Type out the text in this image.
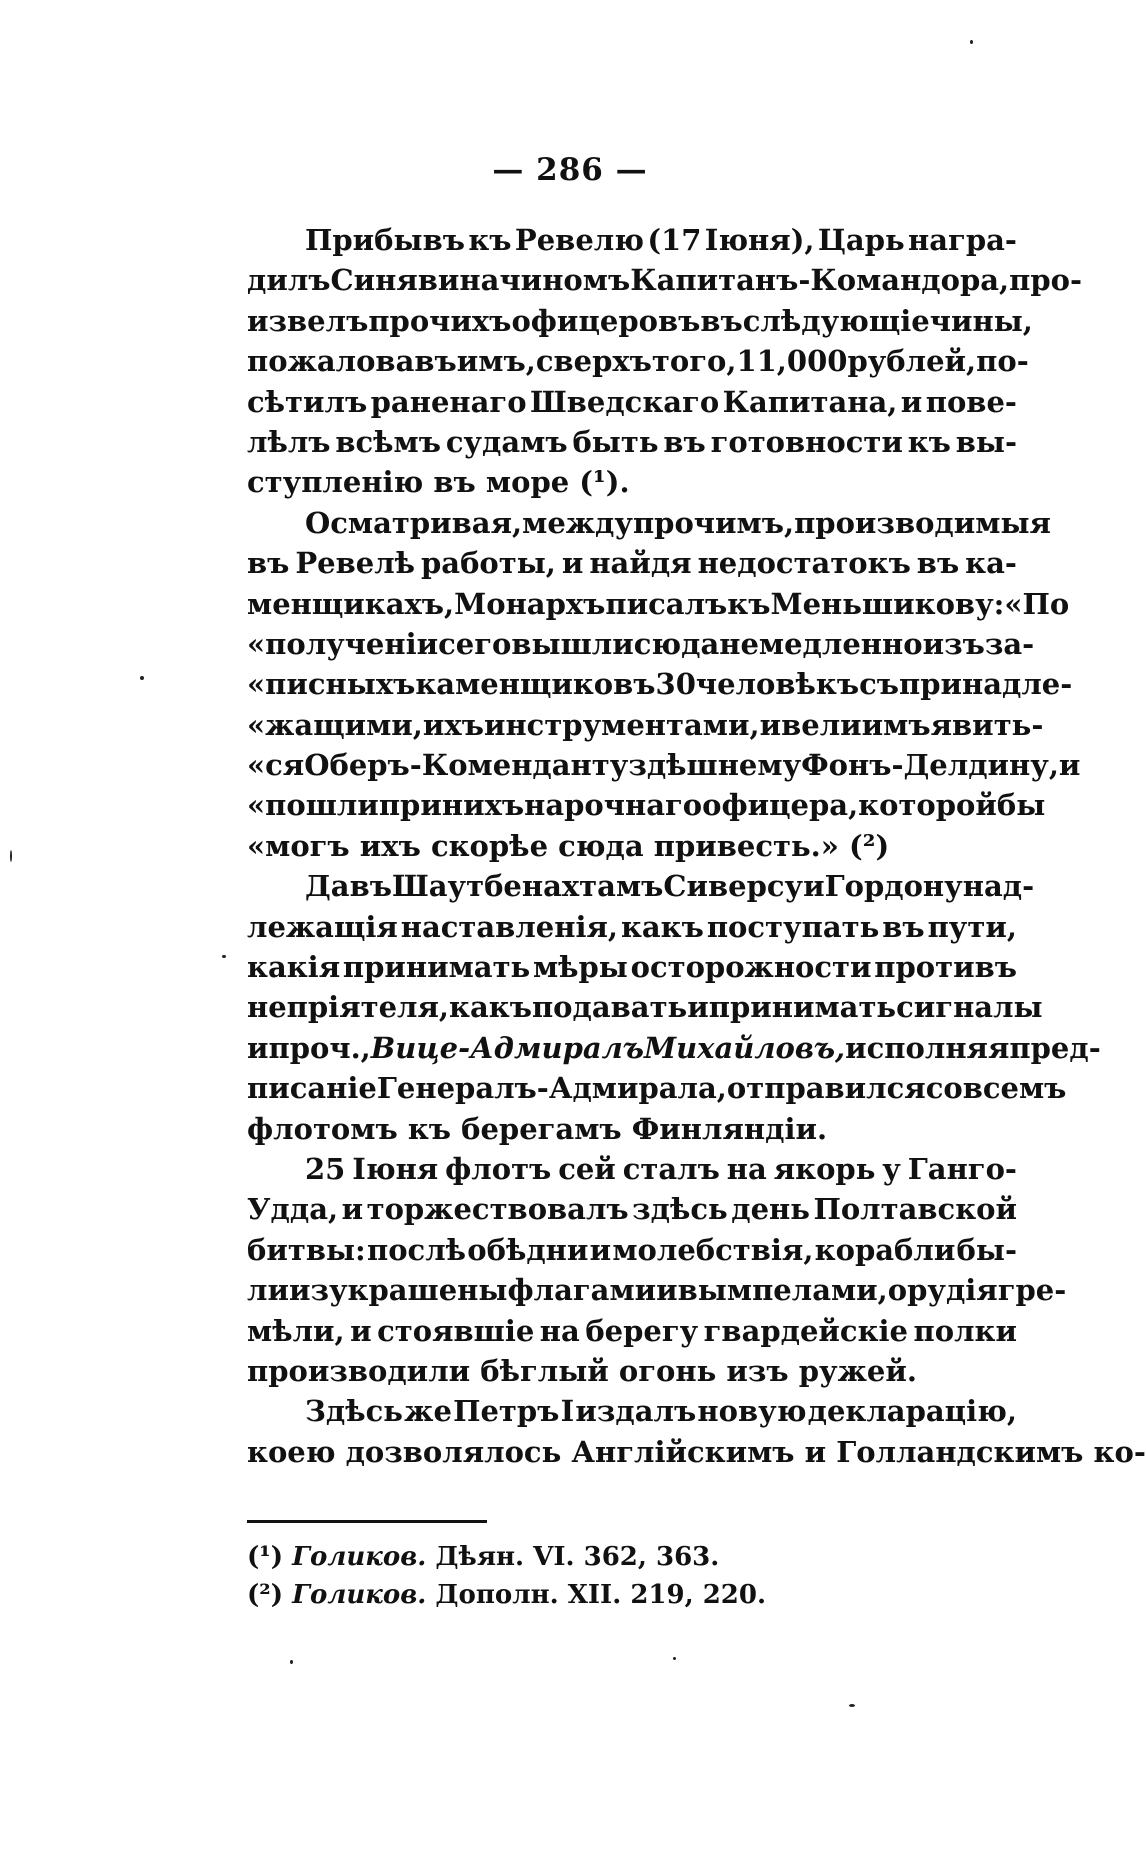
— 286 —
Прибывъ къ Ревелю (17 Іюня), Царь награ-
дилъ Синявина чиномъ Капитанъ-Командора, про-
извелъ прочихъ офицеровъ въ слѣдующіе чины,
пожаловавъ имъ, сверхъ того, 11,000 рублей, по-
сѣтилъ раненаго Шведскаго Капитана, и пове-
лѣлъ всѣмъ судамъ быть въ готовности къ вы-
ступленію
въ
море
(¹).
Осматривая, между прочимъ, производимыя
въ Ревелѣ работы, и найдя недостатокъ въ ка-
менщикахъ, Монархъ писалъ къ Меньшикову: «По
«полученіи сего вышли сюда немедленно изъ за-
«писныхъ каменщиковъ 30 человѣкъ съ принадле-
«жащими, ихъ инструментами, и вели имъ явить-
«ся Оберъ-Коменданту здѣшнему Фонъ-Делдину, и
«пошли при нихъ нарочнаго офицера, которой бы
«могъ
ихъ
скорѣе
сюда
привесть.»
(²)
Давъ Шаутбенахтамъ Сиверсу и Гордону над-
лежащія наставленія, какъ поступать въ пути,
какія принимать мѣры осторожности противъ
непріятеля, какъ подавать и принимать сигналы
и проч., Вице-Адмиралъ Михайловъ, исполняя пред-
писаніе Генералъ-Адмирала , отправился со всемъ
флотомъ
къ
берегамъ
Финляндіи.
25 Іюня флотъ сей сталъ на якорь у Ганго-
Удда, и торжествовалъ здѣсь день Полтавской
битвы: послѣ обѣдни и молебствія, корабли бы-
ли изукрашены флагами и вымпелами, орудія гре-
мѣли, и стоявшіе на берегу гвардейскіе полки
производили
бѣглый
огонь
изъ
ружей.
Здѣсь же Петръ I издалъ новую декларацію,
коею
дозволялось
Англійскимъ
и
Голландскимъ
ко-
(¹) Голиков. Дѣян. VI. 362, 363.
(²) Голиков. Дополн. XII. 219, 220.
